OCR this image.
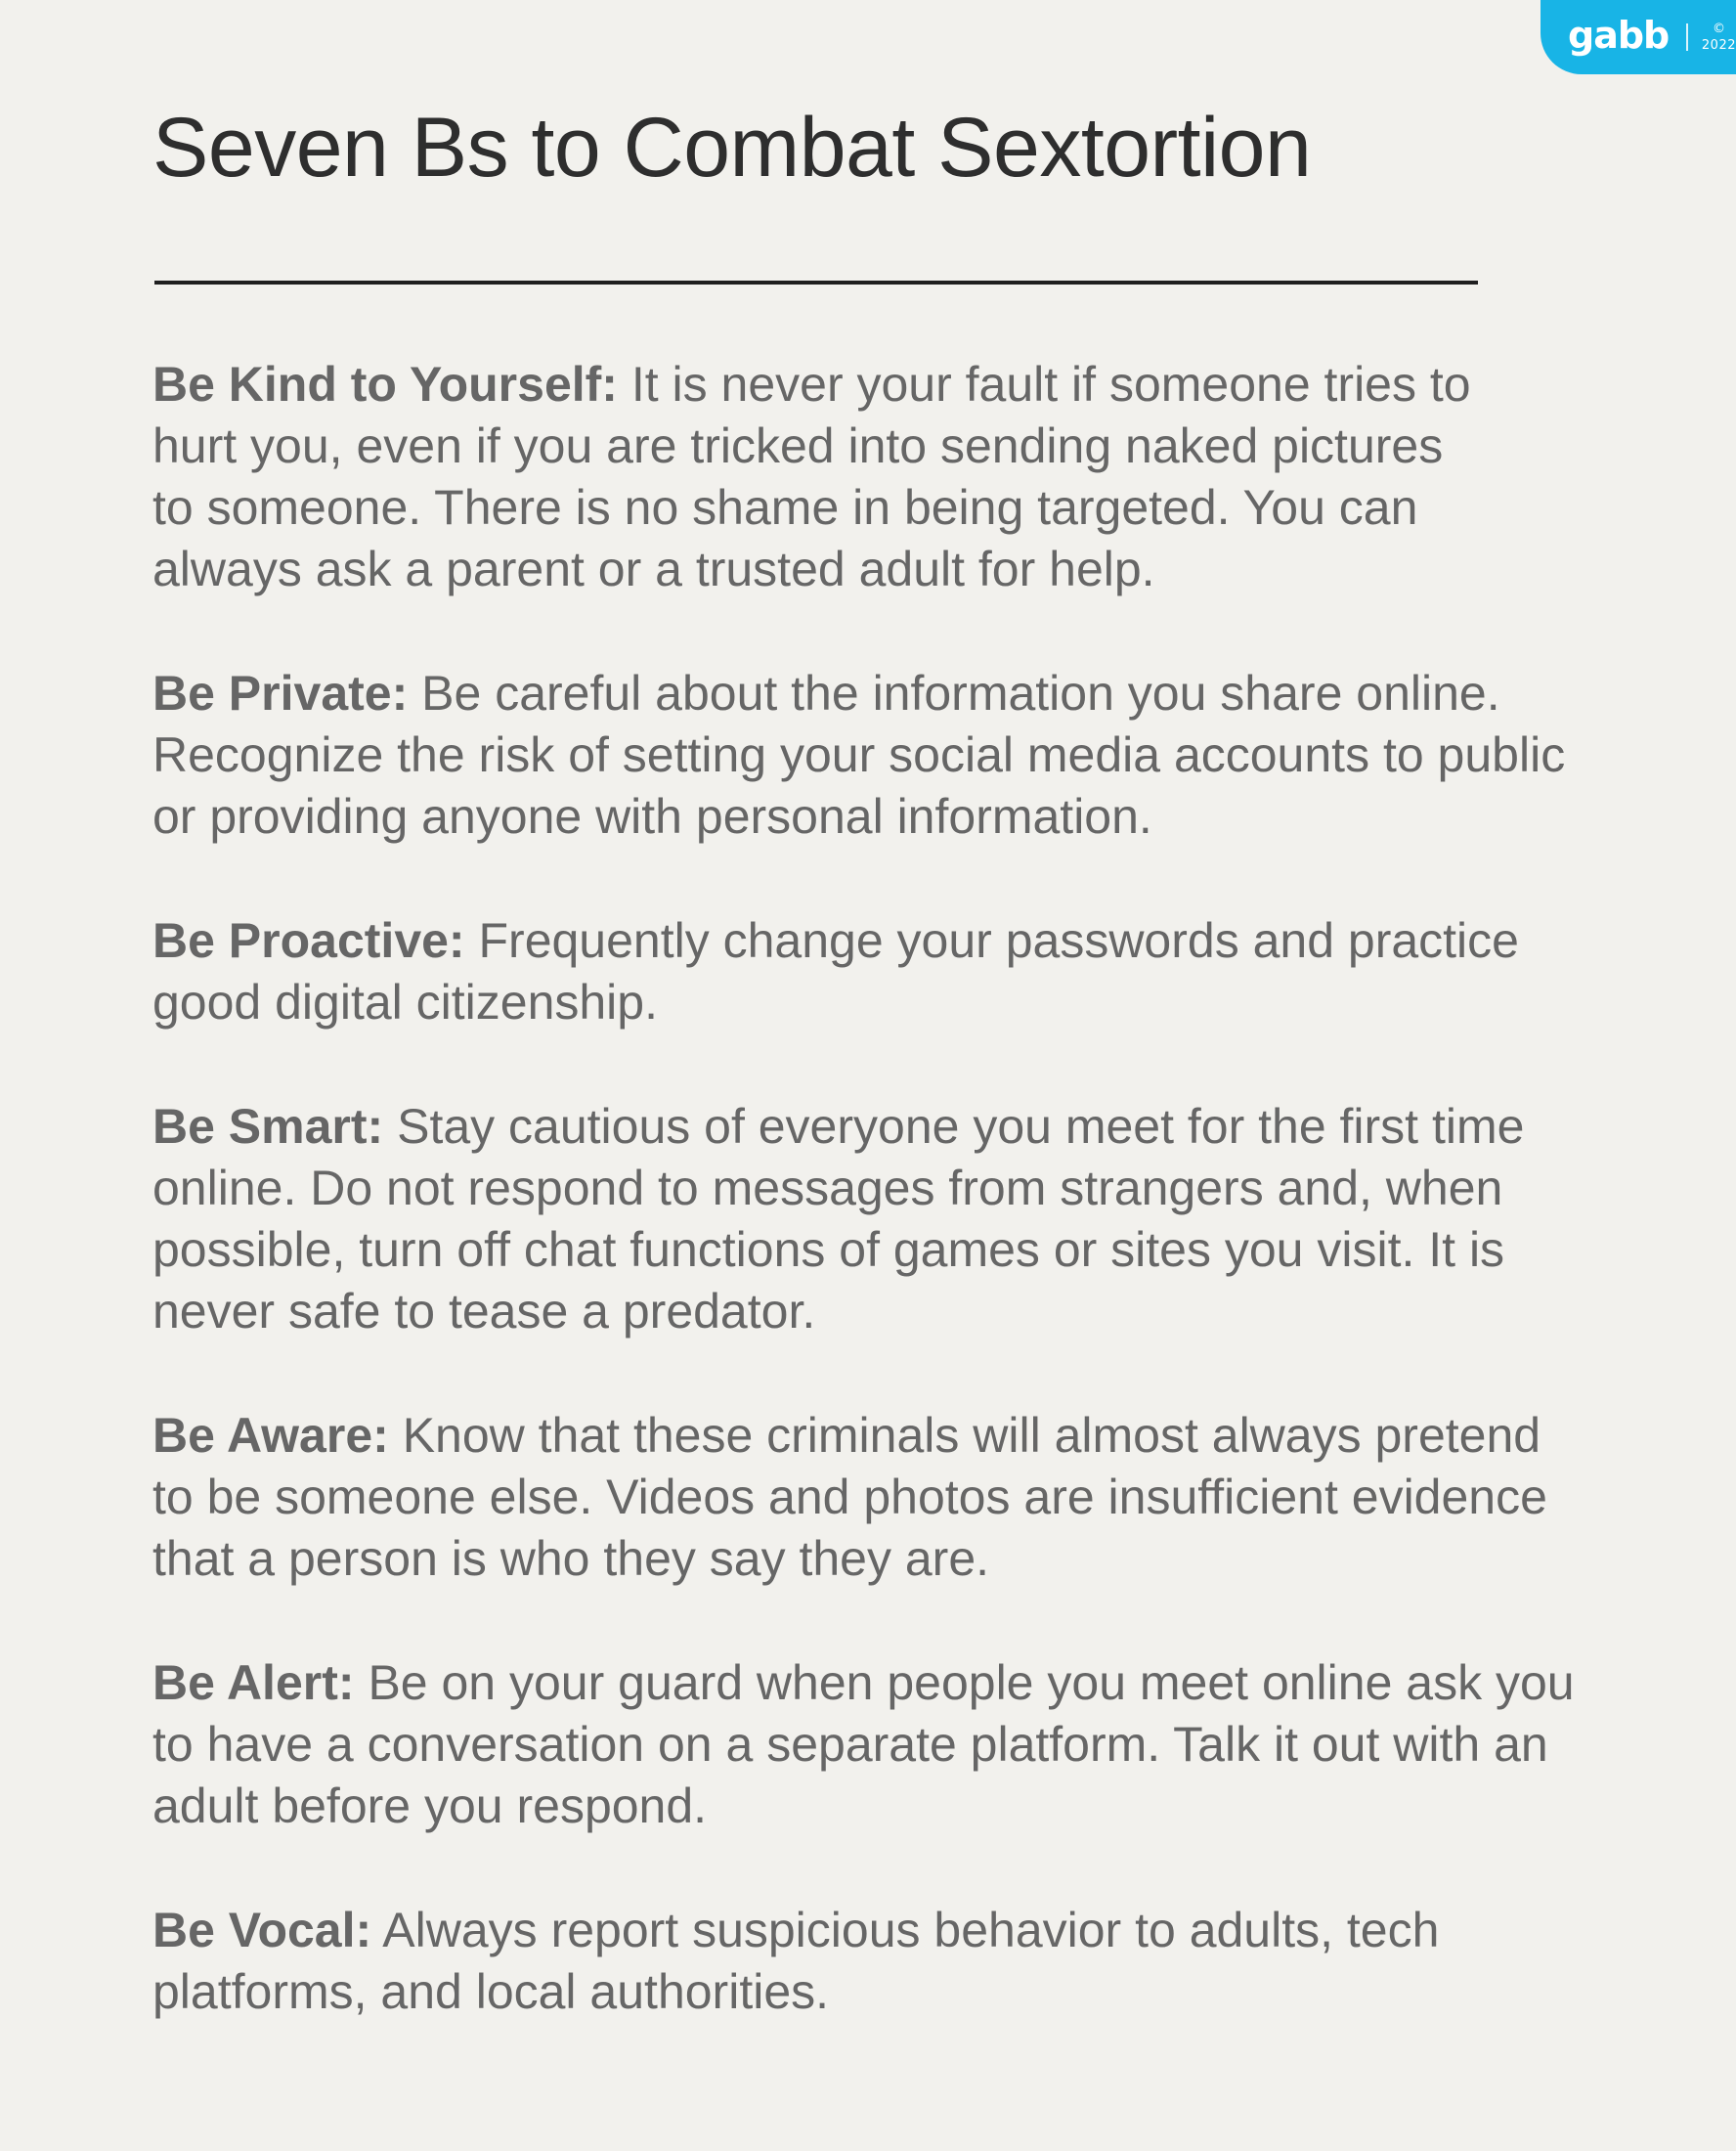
gabb	©
2022
Seven Bs to Combat Sextortion

Be Kind to Yourself: It is never your fault if someone tries to
hurt you, even if you are tricked into sending naked pictures
to someone. There is no shame in being targeted. You can
always ask a parent or a trusted adult for help.

Be Private: Be careful about the information you share online.
Recognize the risk of setting your social media accounts to public
or providing anyone with personal information.

Be Proactive: Frequently change your passwords and practice
good digital citizenship.

Be Smart: Stay cautious of everyone you meet for the first time
online. Do not respond to messages from strangers and, when
possible, turn off chat functions of games or sites you visit. It is
never safe to tease a predator.

Be Aware: Know that these criminals will almost always pretend
to be someone else. Videos and photos are insufficient evidence
that a person is who they say they are.

Be Alert: Be on your guard when people you meet online ask you
to have a conversation on a separate platform. Talk it out with an
adult before you respond.

Be Vocal: Always report suspicious behavior to adults, tech
platforms, and local authorities.
